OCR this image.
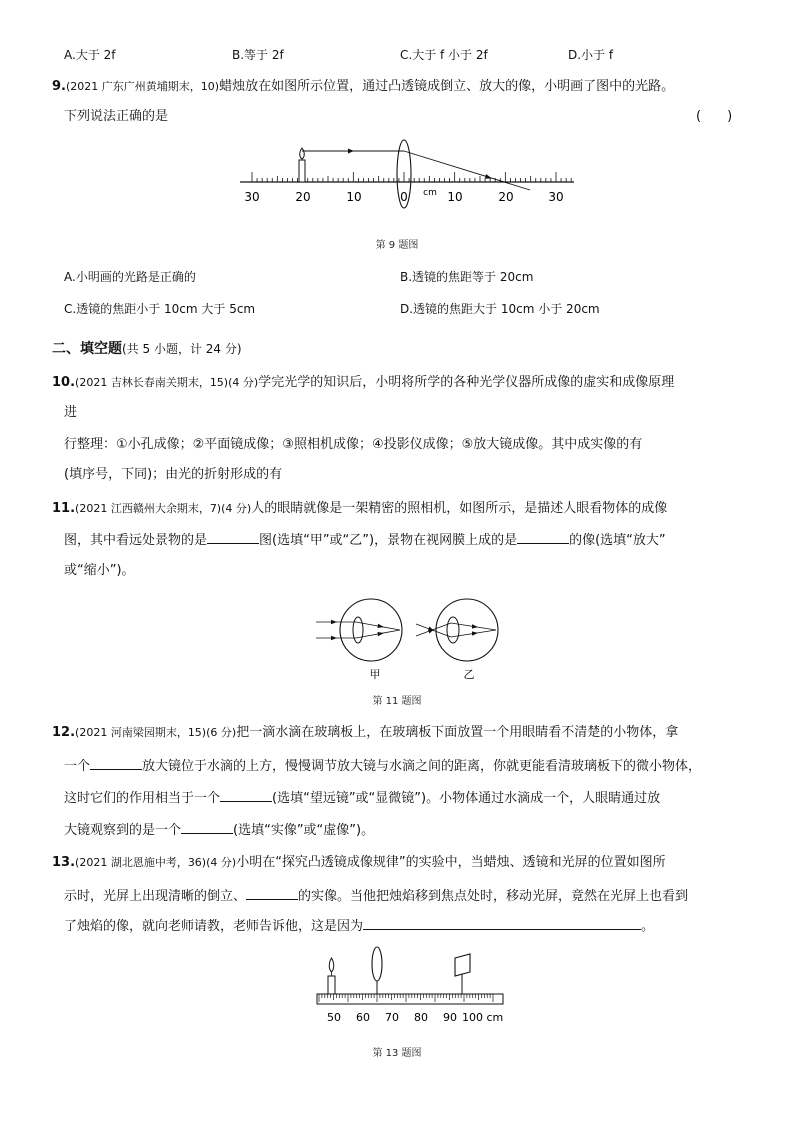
A.大于 2f	B.等于 2f	C.大于 f 小于 2f	D.小于 f
9.(2021 广东广州黄埔期末，10)蜡烛放在如图所示位置，通过凸透镜成倒立、放大的像，小明画了图中的光路。
下列说法正确的是	(　　)
30	20	10	0	10	20	30
cm
第 9 题图
A.小明画的光路是正确的	B.透镜的焦距等于 20cm
C.透镜的焦距小于 10cm 大于 5cm	D.透镜的焦距大于 10cm 小于 20cm
二、填空题(共 5 小题，计 24 分)
10.(2021 吉林长春南关期末，15)(4 分)学完光学的知识后，小明将所学的各种光学仪器所成像的虚实和成像原理
进
行整理：①小孔成像；②平面镜成像；③照相机成像；④投影仪成像；⑤放大镜成像。其中成实像的有
(填序号，下同)；由光的折射形成的有
11.(2021 江西赣州大余期末，7)(4 分)人的眼睛就像是一架精密的照相机，如图所示，是描述人眼看物体的成像
图，其中看远处景物的是	图(选填“甲”或“乙”)，景物在视网膜上成的是	的像(选填“放大”
或“缩小”)。
甲	乙
第 11 题图
12.(2021 河南梁园期末，15)(6 分)把一滴水滴在玻璃板上，在玻璃板下面放置一个用眼睛看不清楚的小物体，拿
一个	放大镜位于水滴的上方，慢慢调节放大镜与水滴之间的距离，你就更能看清玻璃板下的微小物体，
这时它们的作用相当于一个	(选填“望远镜”或“显微镜”)。小物体通过水滴成一个，人眼睛通过放
大镜观察到的是一个	(选填“实像”或“虚像”)。
13.(2021 湖北恩施中考，36)(4 分)小明在“探究凸透镜成像规律”的实验中，当蜡烛、透镜和光屏的位置如图所
示时，光屏上出现清晰的倒立、	的实像。当他把烛焰移到焦点处时，移动光屏，竟然在光屏上也看到
了烛焰的像，就向老师请教，老师告诉他，这是因为	。
50 60 70 80 90 100 cm
第 13 题图
